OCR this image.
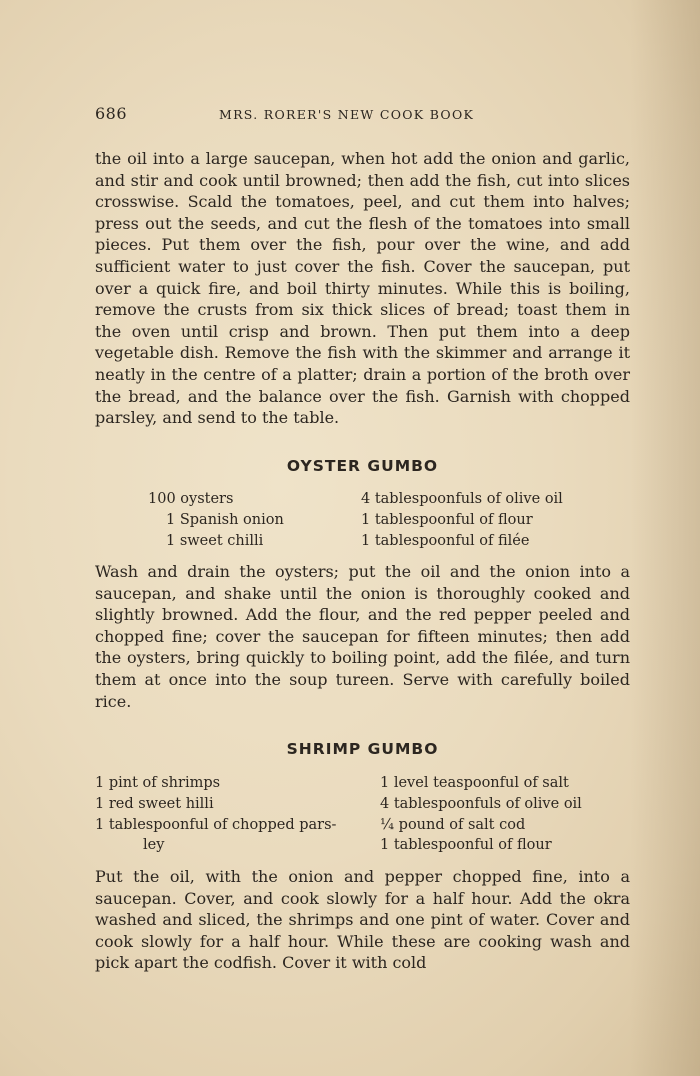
686	MRS. RORER'S NEW COOK BOOK

the oil into a large saucepan, when hot add the onion and garlic, and stir and cook until browned; then add the fish, cut into slices crosswise. Scald the tomatoes, peel, and cut them into halves; press out the seeds, and cut the flesh of the tomatoes into small pieces. Put them over the fish, pour over the wine, and add sufficient water to just cover the fish. Cover the saucepan, put over a quick fire, and boil thirty minutes. While this is boiling, remove the crusts from six thick slices of bread; toast them in the oven until crisp and brown. Then put them into a deep vegetable dish. Remove the fish with the skimmer and arrange it neatly in the centre of a platter; drain a portion of the broth over the bread, and the balance over the fish. Garnish with chopped parsley, and send to the table.

OYSTER GUMBO
100 oysters
1 Spanish onion
1 sweet chilli
4 tablespoonfuls of olive oil
1 tablespoonful of flour
1 tablespoonful of filée

Wash and drain the oysters; put the oil and the onion into a saucepan, and shake until the onion is thoroughly cooked and slightly browned. Add the flour, and the red pepper peeled and chopped fine; cover the saucepan for fifteen minutes; then add the oysters, bring quickly to boiling point, add the filée, and turn them at once into the soup tureen. Serve with carefully boiled rice.

SHRIMP GUMBO
1 pint of shrimps
1 red sweet hilli
1 tablespoonful of chopped pars-
ley
1 level teaspoonful of salt
4 tablespoonfuls of olive oil
¼ pound of salt cod
1 tablespoonful of flour

Put the oil, with the onion and pepper chopped fine, into a saucepan. Cover, and cook slowly for a half hour. Add the okra washed and sliced, the shrimps and one pint of water. Cover and cook slowly for a half hour. While these are cooking wash and pick apart the codfish. Cover it with cold
